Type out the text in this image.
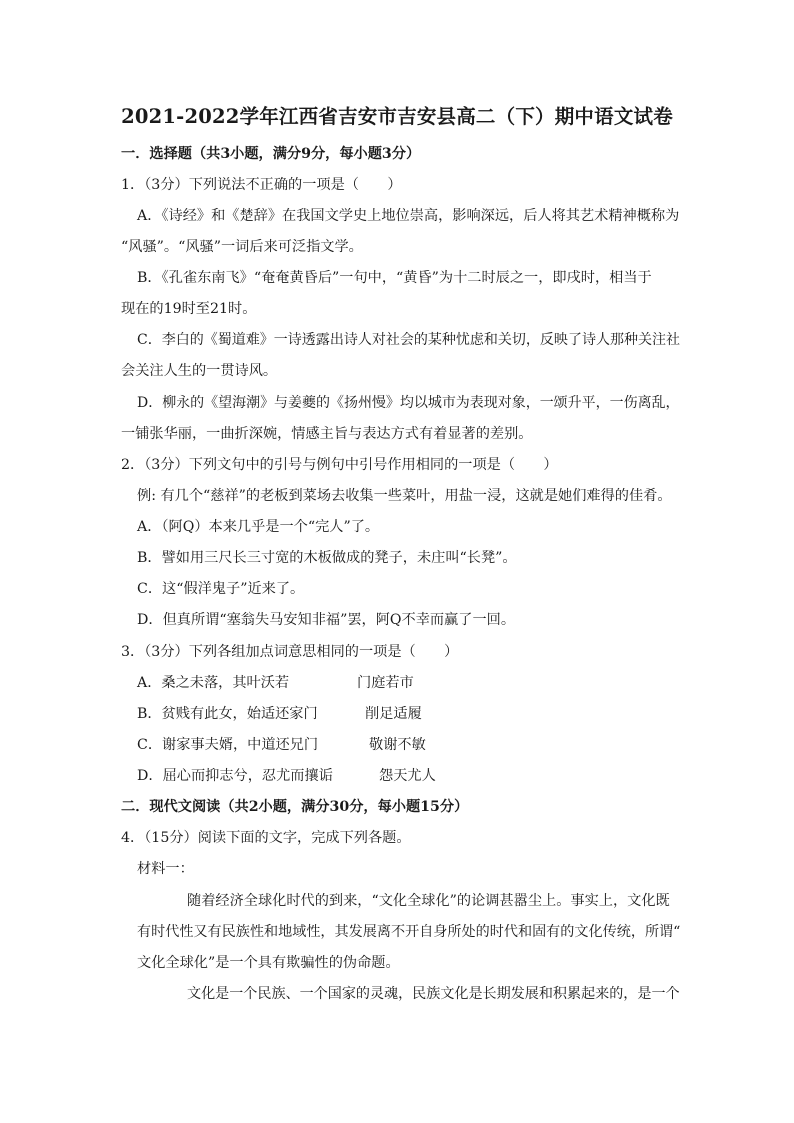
2021-2022学年江西省吉安市吉安县高二（下）期中语文试卷
一．选择题（共3小题，满分9分，每小题3分）
1．（3分）下列说法不正确的一项是（　　）
A．《诗经》和《楚辞》在我国文学史上地位崇高，影响深远，后人将其艺术精神概称为
“风骚”。“风骚”一词后来可泛指文学。
B．《孔雀东南飞》“奄奄黄昏后”一句中，“黄昏”为十二时辰之一，即戌时，相当于
现在的19时至21时。
C．李白的《蜀道难》一诗透露出诗人对社会的某种忧虑和关切，反映了诗人那种关注社
会关注人生的一贯诗风。
D．柳永的《望海潮》与姜夔的《扬州慢》均以城市为表现对象，一颂升平，一伤离乱，
一铺张华丽，一曲折深婉，情感主旨与表达方式有着显著的差别。
2．（3分）下列文句中的引号与例句中引号作用相同的一项是（　　）
例: 有几个“慈祥”的老板到菜场去收集一些菜叶，用盐一浸，这就是她们难得的佳肴。
A．（阿Q）本来几乎是一个“完人”了。
B．譬如用三尺长三寸宽的木板做成的凳子，未庄叫“长凳”。
C．这“假洋鬼子”近来了。
D．但真所谓“塞翁失马安知非福”罢，阿Q不幸而赢了一回。
3．（3分）下列各组加点词意思相同的一项是（　　）
A．桑之未落，其叶沃若	门庭若市
B．贫贱有此女，始适还家门	削足适履
C．谢家事夫婿，中道还兄门	敬谢不敏
D．屈心而抑志兮，忍尤而攘诟	怨天尤人
二．现代文阅读（共2小题，满分30分，每小题15分）
4．（15分）阅读下面的文字，完成下列各题。
材料一：
随着经济全球化时代的到来，“文化全球化”的论调甚嚣尘上。事实上，文化既
有时代性又有民族性和地域性，其发展离不开自身所处的时代和固有的文化传统，所谓“
文化全球化”是一个具有欺骗性的伪命题。
文化是一个民族、一个国家的灵魂，民族文化是长期发展和积累起来的，是一个
